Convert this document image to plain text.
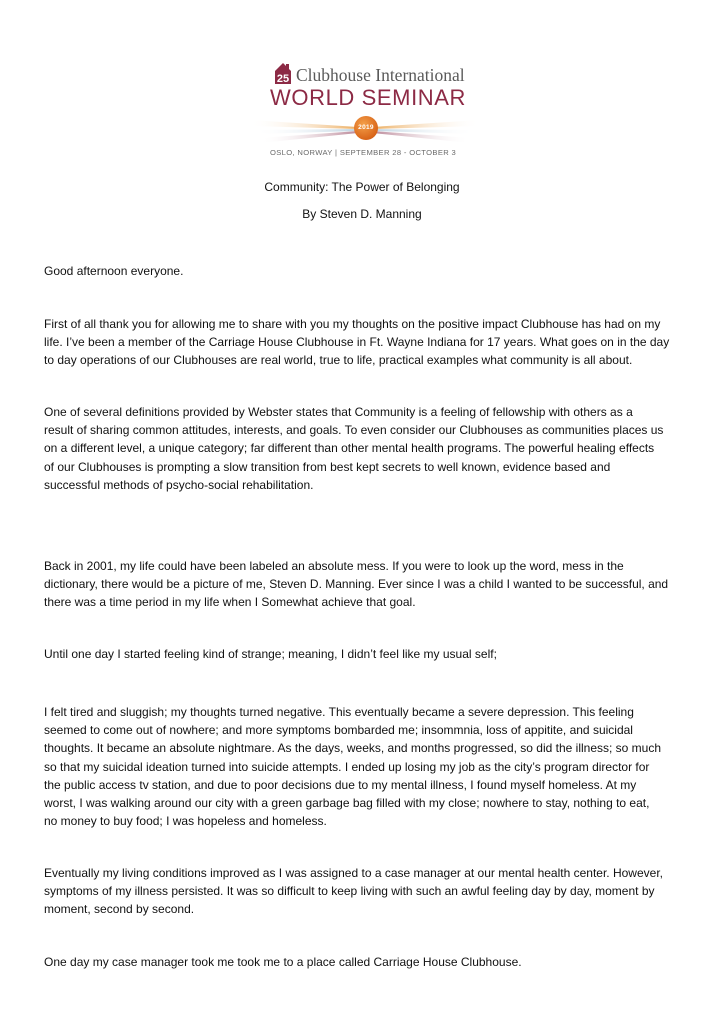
25 Clubhouse International
WORLD SEMINAR
2019
OSLO, NORWAY | SEPTEMBER 28 - OCTOBER 3
Community: The Power of Belonging
By Steven D. Manning
Good afternoon everyone.
First of all thank you for allowing me to share with you my thoughts on the positive impact Clubhouse has had on my
life. I’ve been a member of the Carriage House Clubhouse in Ft. Wayne Indiana for 17 years. What goes on in the day
to day operations of our Clubhouses are real world, true to life, practical examples what community is all about.
One of several definitions provided by Webster states that Community is a feeling of fellowship with others as a
result of sharing common attitudes, interests, and goals. To even consider our Clubhouses as communities places us
on a different level, a unique category; far different than other mental health programs. The powerful healing effects
of our Clubhouses is prompting a slow transition from best kept secrets to well known, evidence based and
successful methods of psycho-social rehabilitation.
Back in 2001, my life could have been labeled an absolute mess. If you were to look up the word, mess in the
dictionary, there would be a picture of me, Steven D. Manning. Ever since I was a child I wanted to be successful, and
there was a time period in my life when I Somewhat achieve that goal.
Until one day I started feeling kind of strange; meaning, I didn’t feel like my usual self;
I felt tired and sluggish; my thoughts turned negative. This eventually became a severe depression. This feeling
seemed to come out of nowhere; and more symptoms bombarded me; insommnia, loss of appitite, and suicidal
thoughts. It became an absolute nightmare. As the days, weeks, and months progressed, so did the illness; so much
so that my suicidal ideation turned into suicide attempts. I ended up losing my job as the city’s program director for
the public access tv station, and due to poor decisions due to my mental illness, I found myself homeless. At my
worst, I was walking around our city with a green garbage bag filled with my close; nowhere to stay, nothing to eat,
no money to buy food; I was hopeless and homeless.
Eventually my living conditions improved as I was assigned to a case manager at our mental health center. However,
symptoms of my illness persisted. It was so difficult to keep living with such an awful feeling day by day, moment by
moment, second by second.
One day my case manager took me took me to a place called Carriage House Clubhouse.
